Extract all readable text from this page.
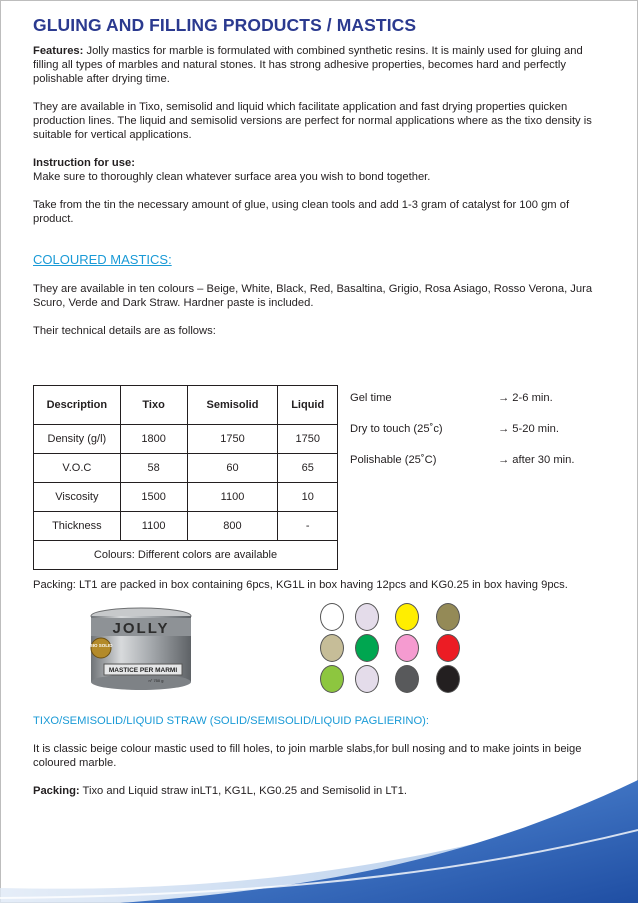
GLUING AND FILLING PRODUCTS / MASTICS

Features: Jolly mastics for marble is formulated with combined synthetic resins. It is mainly used for gluing and filling all types of marbles and natural stones. It has strong adhesive properties, becomes hard and perfectly polishable after drying time.

They are available in Tixo, semisolid and liquid which facilitate application and fast drying properties quicken production lines. The liquid and semisolid versions are perfect for normal applications where as the tixo density is suitable for vertical applications.

Instruction for use:

Make sure to thoroughly clean whatever surface area you wish to bond together.

Take from the tin the necessary amount of glue, using clean tools and add 1-3 gram of catalyst for 100 gm of product.

COLOURED MASTICS:

They are available in ten colours – Beige, White, Black, Red, Basaltina, Grigio, Rosa Asiago, Rosso Verona, Jura Scuro, Verde and Dark Straw. Hardner paste is included.

Their technical details are as follows:

Description	Tixo	Semisolid	Liquid
Density (g/l)	1800	1750	1750
V.O.C	58	60	65
Viscosity	1500	1100	10
Thickness	1100	800	-
Colours: Different colors are available			
Gel time	→ 2-6 min.
Dry to touch (25˚c)	→ 5-20 min.
Polishable (25˚C)	→ after 30 min.

Packing: LT1 are packed in box containing 6pcs, KG1L in box having 12pcs and KG0.25 in box having 9pcs.

JOLLY
BIO SOLID
MASTICE PER MARMI
n° 750 g

TIXO/SEMISOLID/LIQUID STRAW (SOLID/SEMISOLID/LIQUID PAGLIERINO):

It is classic beige colour mastic used to fill holes, to join marble slabs,for bull nosing and to make joints in beige coloured marble.

Packing: Tixo and Liquid straw inLT1, KG1L, KG0.25 and Semisolid in LT1.
